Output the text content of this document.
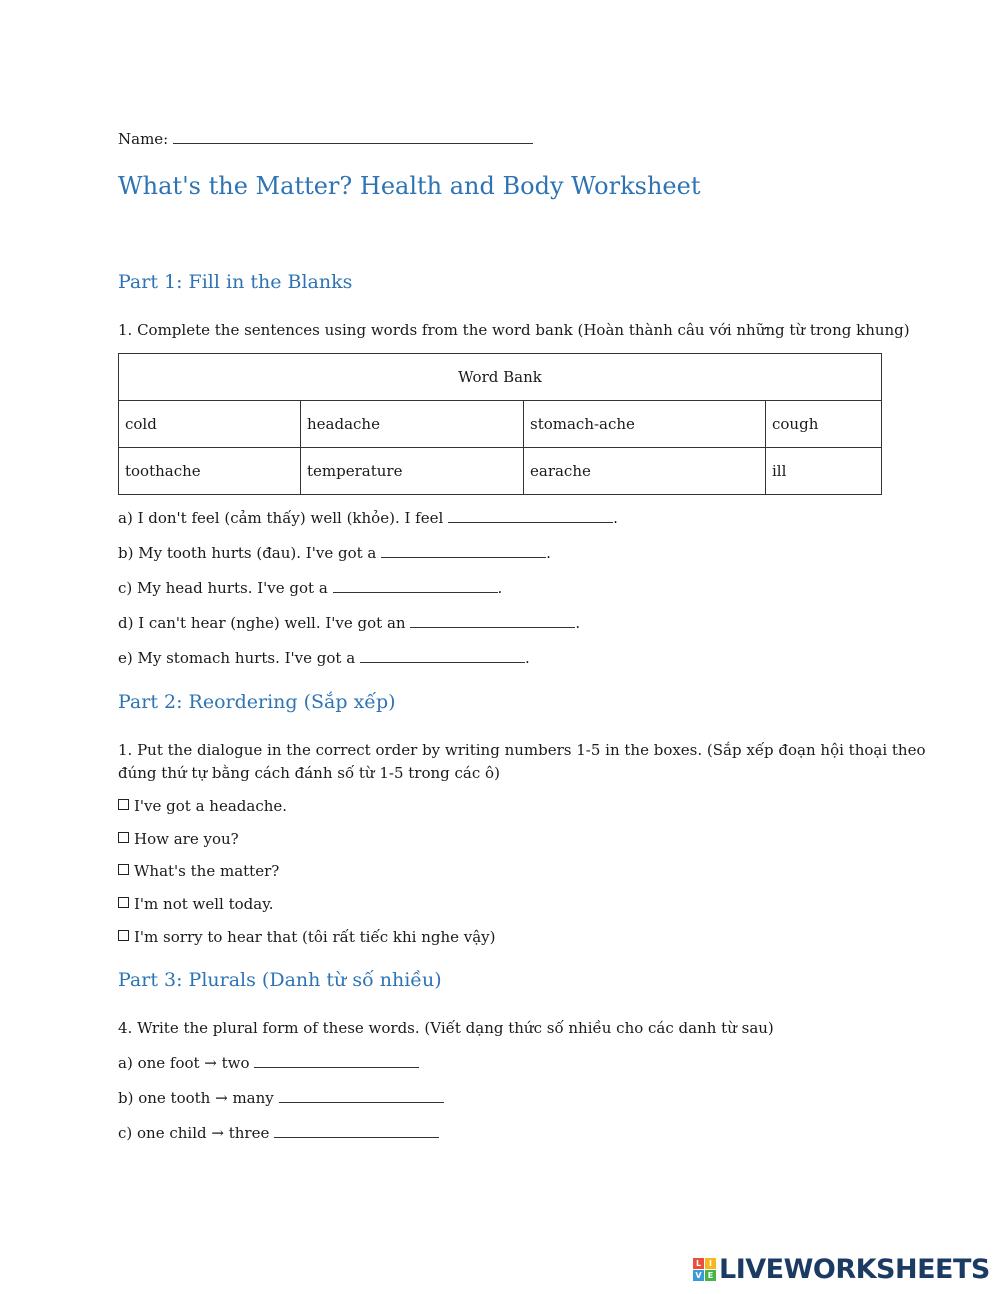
Name:
What's the Matter? Health and Body Worksheet
Part 1: Fill in the Blanks
1. Complete the sentences using words from the word bank (Hoàn thành câu với những từ trong khung)
Word Bank			
cold	headache	stomach-ache	cough
toothache	temperature	earache	ill
a) I don't feel (cảm thấy) well (khỏe). I feel	.
b) My tooth hurts (đau). I've got a	.
c) My head hurts. I've got a	.
d) I can't hear (nghe) well. I've got an	.
e) My stomach hurts. I've got a	.
Part 2: Reordering (Sắp xếp)
1. Put the dialogue in the correct order by writing numbers 1-5 in the boxes. (Sắp xếp đoạn hội thoại theo
đúng thứ tự bằng cách đánh số từ 1-5 trong các ô)
I've got a headache.
How are you?
What's the matter?
I'm not well today.
I'm sorry to hear that (tôi rất tiếc khi nghe vậy)
Part 3: Plurals (Danh từ số nhiều)
4. Write the plural form of these words. (Viết dạng thức số nhiều cho các danh từ sau)
a) one foot → two
b) one tooth → many
c) one child → three
L I
V E LIVEWORKSHEETS
